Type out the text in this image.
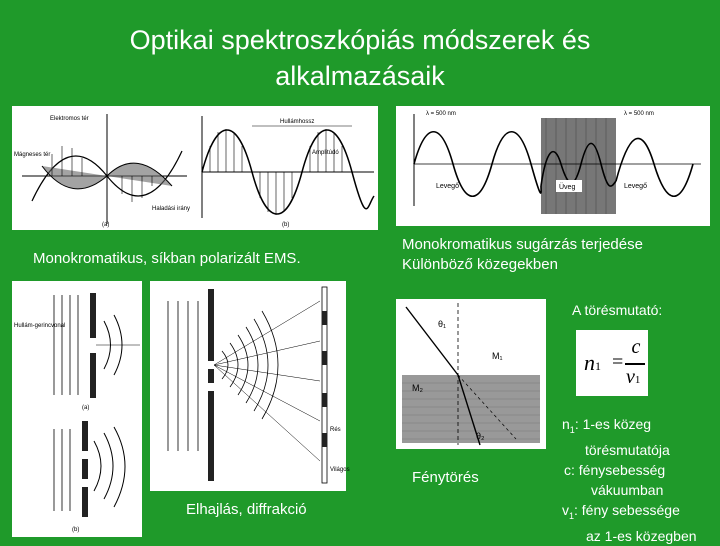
Optikai spektroszkópiás módszerek és
alkalmazásaik
Elektromos tér
Mágneses tér
Haladási irány
(a)
Hullámhossz
Amplitúdó
(b)
λ = 500 nm	λ = 330 nm	λ = 500 nm
Levegő	Üveg	Levegő
Monokromatikus, síkban polarizált EMS.
Monokromatikus sugárzás terjedése
Különböző közegekben
Hullám-gerincvonal
(a)
(b)
Rés
Világos
Elhajlás, diffrakció
θ₁
θ₂
M₁
M₂
Fénytörés
A törésmutató:
n1 =
c
v1
$n_1$: 1-es közeg
törésmutatója
c: fénysebesség
vákuumban
$v_1$: fény sebessége
az 1-es közegben
